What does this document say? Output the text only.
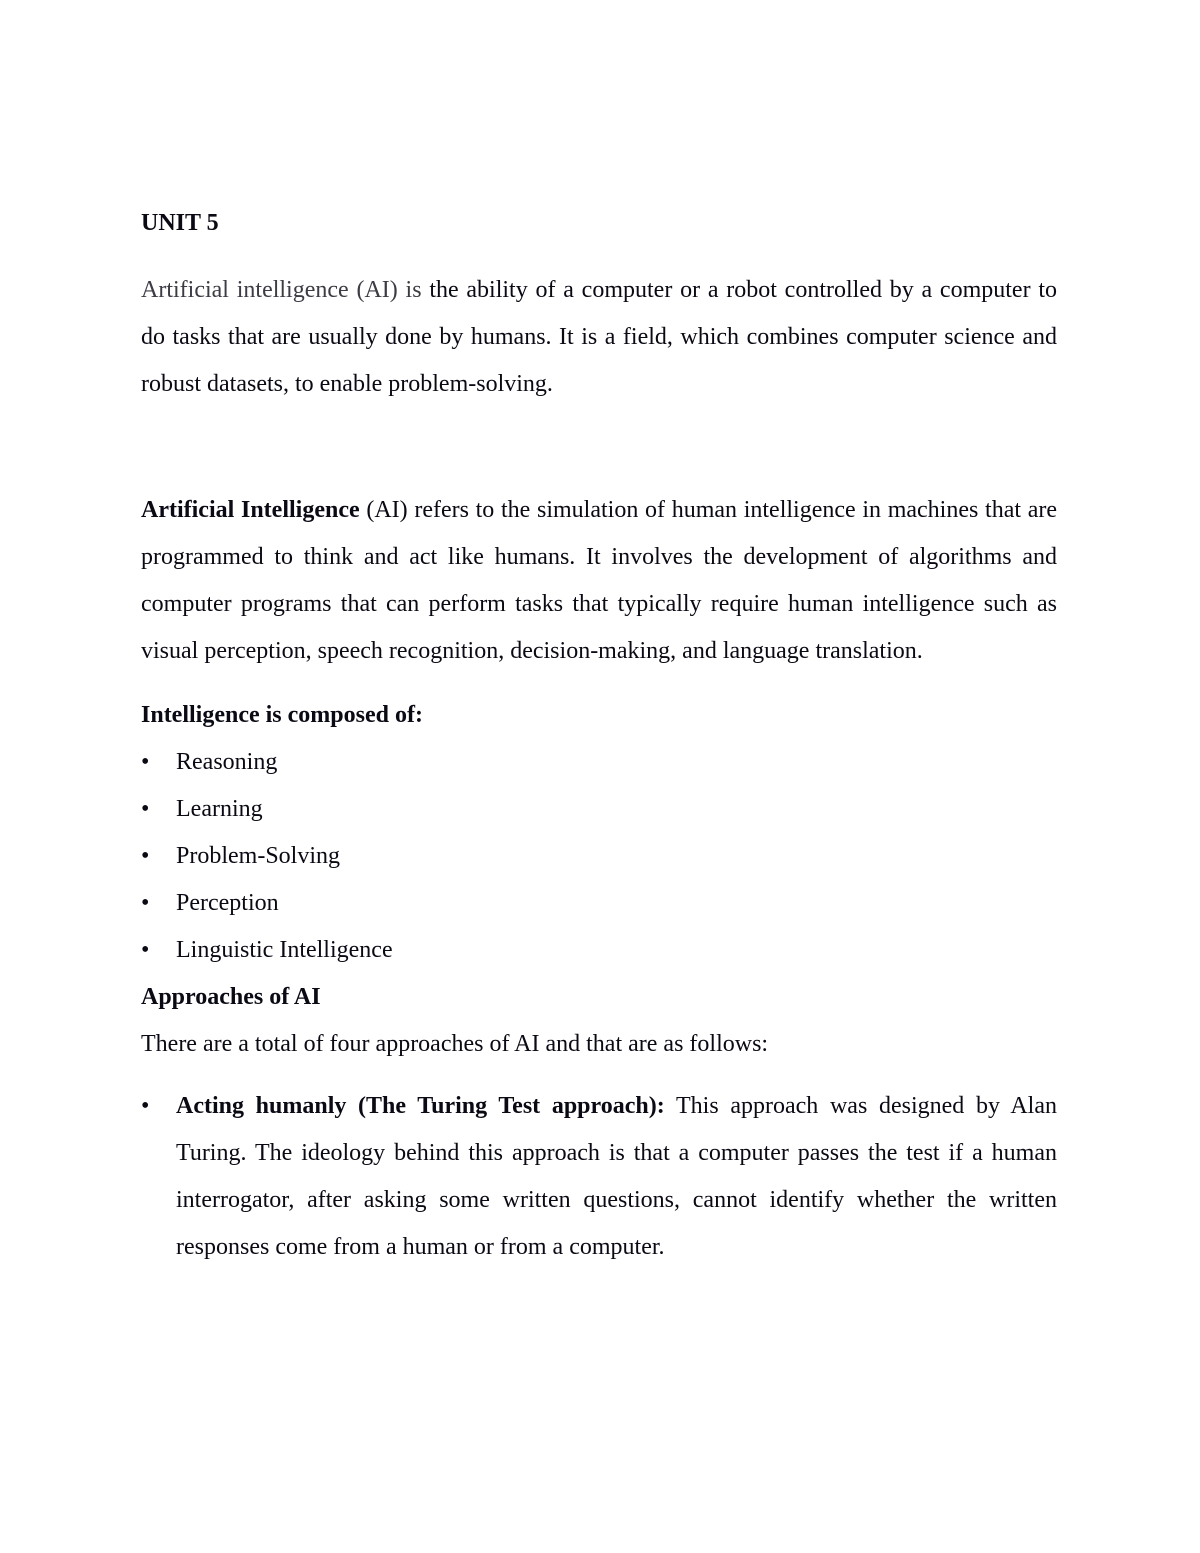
UNIT 5

Artificial intelligence (AI) is the ability of a computer or a robot controlled by a computer to do tasks that are usually done by humans. It is a field, which combines computer science and robust datasets, to enable problem-solving.

Artificial Intelligence (AI) refers to the simulation of human intelligence in machines that are programmed to think and act like humans. It involves the development of algorithms and computer programs that can perform tasks that typically require human intelligence such as visual perception, speech recognition, decision-making, and language translation.

Intelligence is composed of:

• Reasoning
• Learning
• Problem-Solving
• Perception
• Linguistic Intelligence

Approaches of AI

There are a total of four approaches of AI and that are as follows:

• Acting humanly (The Turing Test approach): This approach was designed by Alan Turing. The ideology behind this approach is that a computer passes the test if a human interrogator, after asking some written questions, cannot identify whether the written responses come from a human or from a computer.
